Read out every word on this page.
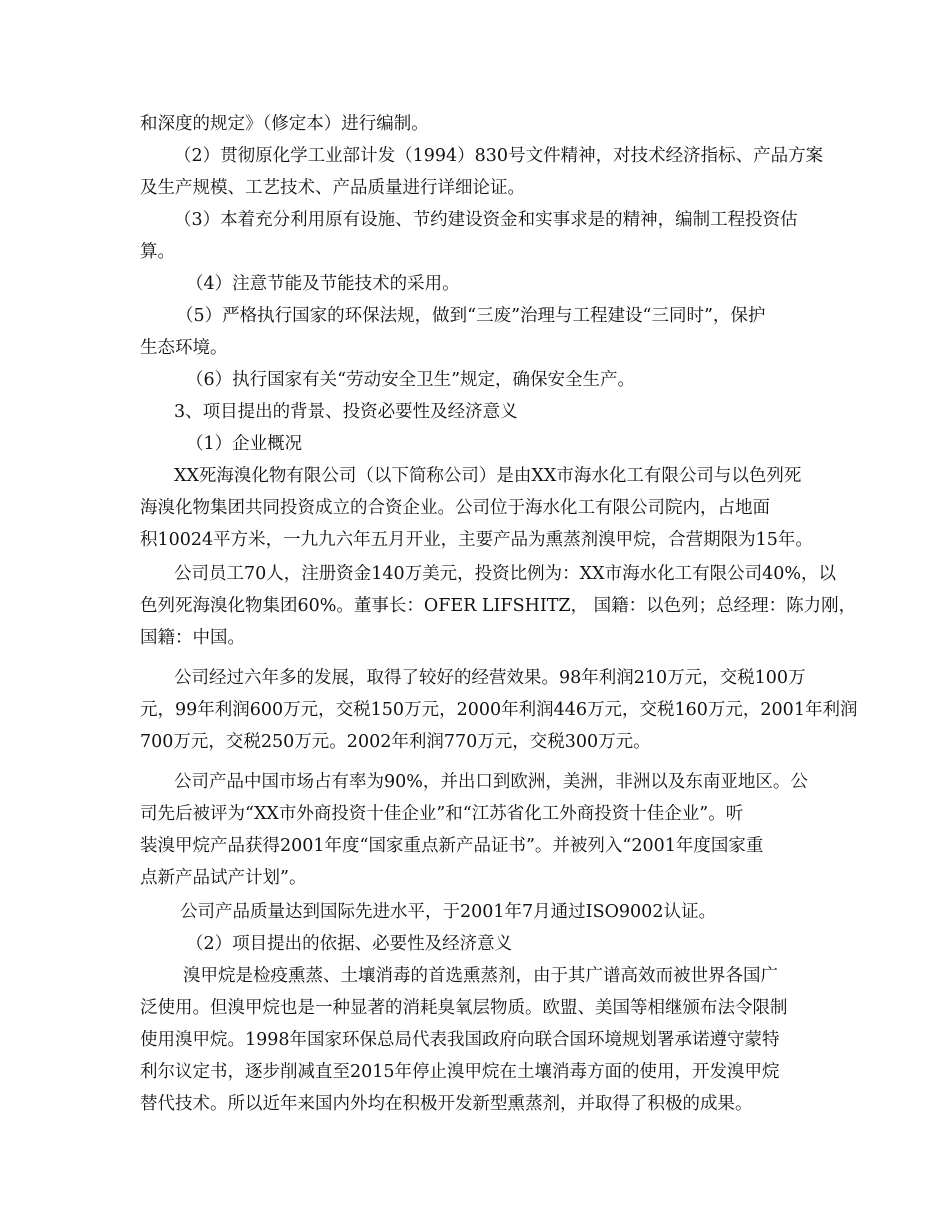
和深度的规定》（修定本）进行编制。
（2）贯彻原化学工业部计发（1994）830号文件精神，对技术经济指标、产品方案
及生产规模、工艺技术、产品质量进行详细论证。
（3）本着充分利用原有设施、节约建设资金和实事求是的精神，编制工程投资估
算。
（4）注意节能及节能技术的采用。
（5）严格执行国家的环保法规，做到“三废”治理与工程建设“三同时”，保护
生态环境。
（6）执行国家有关“劳动安全卫生”规定，确保安全生产。
3、项目提出的背景、投资必要性及经济意义
（1）企业概况
XX死海溴化物有限公司（以下简称公司）是由XX市海水化工有限公司与以色列死
海溴化物集团共同投资成立的合资企业。公司位于海水化工有限公司院内，占地面
积10024平方米，一九九六年五月开业，主要产品为熏蒸剂溴甲烷，合营期限为15年。
公司员工70人，注册资金140万美元，投资比例为：XX市海水化工有限公司40%，以
色列死海溴化物集团60%。董事长：OFER LIFSHITZ， 国籍：以色列；总经理：陈力刚，
国籍：中国。
公司经过六年多的发展，取得了较好的经营效果。98年利润210万元，交税100万
元，99年利润600万元，交税150万元，2000年利润446万元，交税160万元，2001年利润
700万元，交税250万元。2002年利润770万元，交税300万元。
公司产品中国市场占有率为90%，并出口到欧洲，美洲，非洲以及东南亚地区。公
司先后被评为“XX市外商投资十佳企业”和“江苏省化工外商投资十佳企业”。听
装溴甲烷产品获得2001年度“国家重点新产品证书”。并被列入“2001年度国家重
点新产品试产计划”。
公司产品质量达到国际先进水平，于2001年7月通过ISO9002认证。
（2）项目提出的依据、必要性及经济意义
溴甲烷是检疫熏蒸、土壤消毒的首选熏蒸剂，由于其广谱高效而被世界各国广
泛使用。但溴甲烷也是一种显著的消耗臭氧层物质。欧盟、美国等相继颁布法令限制
使用溴甲烷。1998年国家环保总局代表我国政府向联合国环境规划署承诺遵守蒙特
利尔议定书，逐步削减直至2015年停止溴甲烷在土壤消毒方面的使用，开发溴甲烷
替代技术。所以近年来国内外均在积极开发新型熏蒸剂，并取得了积极的成果。
